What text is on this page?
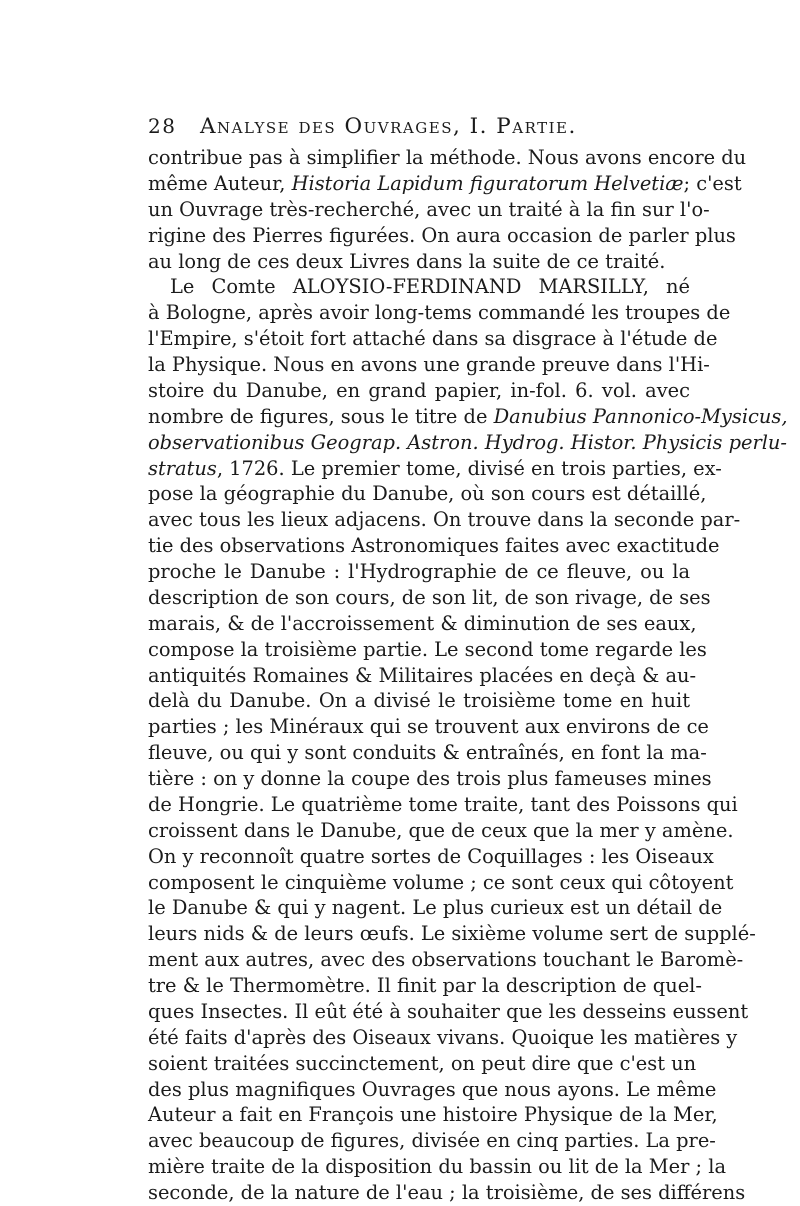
28 Analyse des Ouvrages, I. Partie.
contribue pas à simplifier la méthode. Nous avons encore du
même Auteur, Historia Lapidum figuratorum Helvetiæ; c'est
un Ouvrage très-recherché, avec un traité à la fin sur l'o-
rigine des Pierres figurées. On aura occasion de parler plus
au long de ces deux Livres dans la suite de ce traité.
Le Comte ALOYSIO-FERDINAND MARSILLY, né
à Bologne, après avoir long-tems commandé les troupes de
l'Empire, s'étoit fort attaché dans sa disgrace à l'étude de
la Physique. Nous en avons une grande preuve dans l'Hi-
stoire du Danube, en grand papier, in-fol. 6. vol. avec
nombre de figures, sous le titre de Danubius Pannonico-Mysicus,
observationibus Geograp. Astron. Hydrog. Histor. Physicis perlu-
stratus, 1726. Le premier tome, divisé en trois parties, ex-
pose la géographie du Danube, où son cours est détaillé,
avec tous les lieux adjacens. On trouve dans la seconde par-
tie des observations Astronomiques faites avec exactitude
proche le Danube : l'Hydrographie de ce fleuve, ou la
description de son cours, de son lit, de son rivage, de ses
marais, & de l'accroissement & diminution de ses eaux,
compose la troisième partie. Le second tome regarde les
antiquités Romaines & Militaires placées en deçà & au-
delà du Danube. On a divisé le troisième tome en huit
parties ; les Minéraux qui se trouvent aux environs de ce
fleuve, ou qui y sont conduits & entraînés, en font la ma-
tière : on y donne la coupe des trois plus fameuses mines
de Hongrie. Le quatrième tome traite, tant des Poissons qui
croissent dans le Danube, que de ceux que la mer y amène.
On y reconnoît quatre sortes de Coquillages : les Oiseaux
composent le cinquième volume ; ce sont ceux qui côtoyent
le Danube & qui y nagent. Le plus curieux est un détail de
leurs nids & de leurs œufs. Le sixième volume sert de supplé-
ment aux autres, avec des observations touchant le Baromè-
tre & le Thermomètre. Il finit par la description de quel-
ques Insectes. Il eût été à souhaiter que les desseins eussent
été faits d'après des Oiseaux vivans. Quoique les matières y
soient traitées succinctement, on peut dire que c'est un
des plus magnifiques Ouvrages que nous ayons. Le même
Auteur a fait en François une histoire Physique de la Mer,
avec beaucoup de figures, divisée en cinq parties. La pre-
mière traite de la disposition du bassin ou lit de la Mer ; la
seconde, de la nature de l'eau ; la troisième, de ses différens
